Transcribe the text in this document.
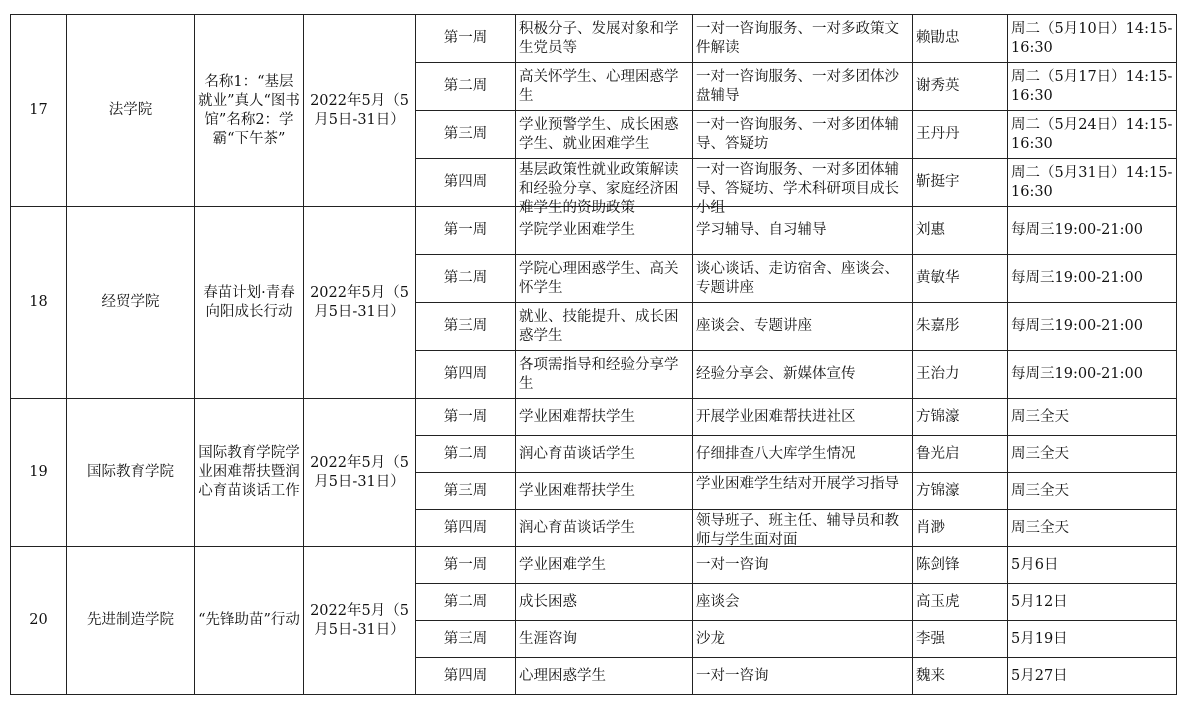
17	法学院	名称1：“基层就业”真人“图书馆”名称2：学霸“下午茶”	2022年5月（5月5日-31日）	第一周	积极分子、发展对象和学生党员等	一对一咨询服务、一对多政策文件解读	赖勖忠	周二（5月10日）14:15-16:30
				第二周	高关怀学生、心理困惑学生	一对一咨询服务、一对多团体沙盘辅导	谢秀英	周二（5月17日）14:15-16:30
				第三周	学业预警学生、成长困惑学生、就业困难学生	一对一咨询服务、一对多团体辅导、答疑坊	王丹丹	周二（5月24日）14:15-16:30
				第四周	基层政策性就业政策解读和经验分享、家庭经济困难学生的资助政策	一对一咨询服务、一对多团体辅导、答疑坊、学术科研项目成长小组	靳挺宇	周二（5月31日）14:15-16:30
18	经贸学院	春苗计划·青春向阳成长行动	2022年5月（5月5日-31日）	第一周	学院学业困难学生	学习辅导、自习辅导	刘惠	每周三19:00-21:00
				第二周	学院心理困惑学生、高关怀学生	谈心谈话、走访宿舍、座谈会、专题讲座	黄敏华	每周三19:00-21:00
				第三周	就业、技能提升、成长困惑学生	座谈会、专题讲座	朱嘉彤	每周三19:00-21:00
				第四周	各项需指导和经验分享学生	经验分享会、新媒体宣传	王治力	每周三19:00-21:00
19	国际教育学院	国际教育学院学业困难帮扶暨润心育苗谈话工作	2022年5月（5月5日-31日）	第一周	学业困难帮扶学生	开展学业困难帮扶进社区	方锦濠	周三全天
				第二周	润心育苗谈话学生	仔细排查八大库学生情况	鲁光启	周三全天
				第三周	学业困难帮扶学生	学业困难学生结对开展学习指导	方锦濠	周三全天
				第四周	润心育苗谈话学生	领导班子、班主任、辅导员和教师与学生面对面	肖渺	周三全天
20	先进制造学院	“先锋助苗”行动	2022年5月（5月5日-31日）	第一周	学业困难学生	一对一咨询	陈剑锋	5月6日
				第二周	成长困惑	座谈会	高玉虎	5月12日
				第三周	生涯咨询	沙龙	李强	5月19日
				第四周	心理困惑学生	一对一咨询	魏来	5月27日
